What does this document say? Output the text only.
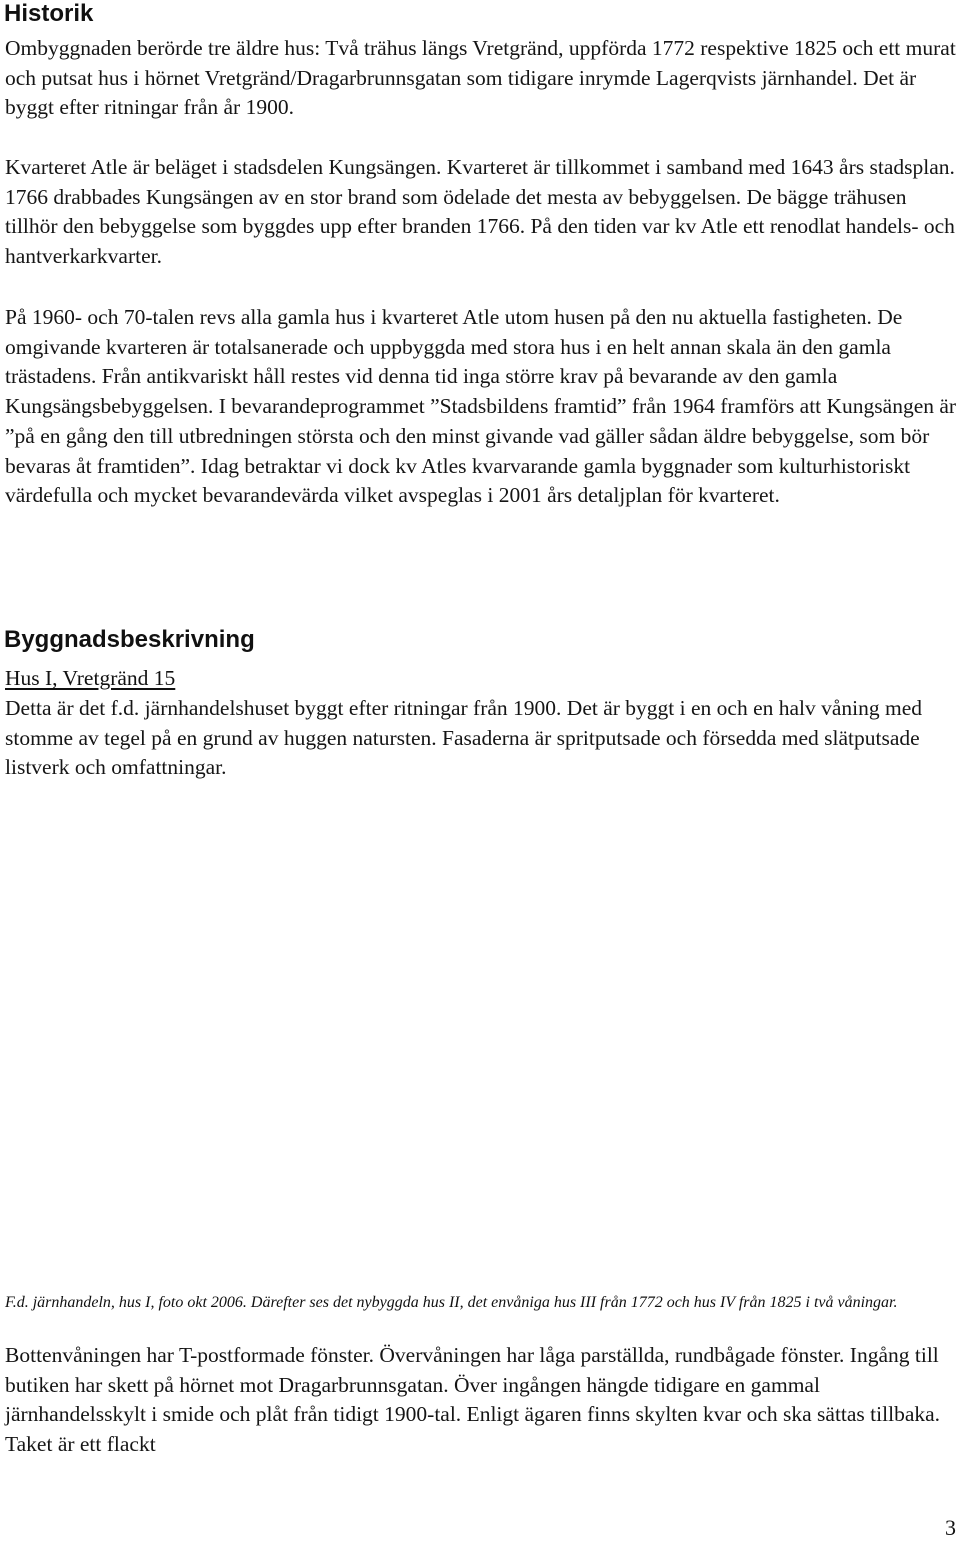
Historik

Ombyggnaden berörde tre äldre hus: Två trähus längs Vretgränd, uppförda 1772 respektive 1825 och ett murat och putsat hus i hörnet Vretgränd/Dragarbrunnsgatan som tidigare inrymde Lagerqvists järnhandel. Det är byggt efter ritningar från år 1900.

Kvarteret Atle är beläget i stadsdelen Kungsängen. Kvarteret är tillkommet i samband med 1643 års stadsplan. 1766 drabbades Kungsängen av en stor brand som ödelade det mesta av bebyggelsen. De bägge trähusen tillhör den bebyggelse som byggdes upp efter branden 1766. På den tiden var kv Atle ett renodlat handels- och hantverkarkvarter.

På 1960- och 70-talen revs alla gamla hus i kvarteret Atle utom husen på den nu aktuella fastigheten. De omgivande kvarteren är totalsanerade och uppbyggda med stora hus i en helt annan skala än den gamla trästadens. Från antikvariskt håll restes vid denna tid inga större krav på bevarande av den gamla Kungsängsbebyggelsen. I bevarandeprogrammet ”Stadsbildens framtid” från 1964 framförs att Kungsängen är ”på en gång den till utbredningen största och den minst givande vad gäller sådan äldre bebyggelse, som bör bevaras åt framtiden”. Idag betraktar vi dock kv Atles kvarvarande gamla byggnader som kulturhistoriskt värdefulla och mycket bevarandevärda vilket avspeglas i 2001 års detaljplan för kvarteret.

Byggnadsbeskrivning

Hus I, Vretgränd 15

Detta är det f.d. järnhandelshuset byggt efter ritningar från 1900. Det är byggt i en och en halv våning med stomme av tegel på en grund av huggen natursten. Fasaderna är spritputsade och försedda med slätputsade listverk och omfattningar.

F.d. järnhandeln, hus I, foto okt 2006. Därefter ses det nybyggda hus II, det envåniga hus III från 1772 och hus IV från 1825 i två våningar.

Bottenvåningen har T-postformade fönster. Övervåningen har låga parställda, rundbågade fönster. Ingång till butiken har skett på hörnet mot Dragarbrunnsgatan. Över ingången hängde tidigare en gammal järnhandelsskylt i smide och plåt från tidigt 1900-tal. Enligt ägaren finns skylten kvar och ska sättas tillbaka. Taket är ett flackt

3
